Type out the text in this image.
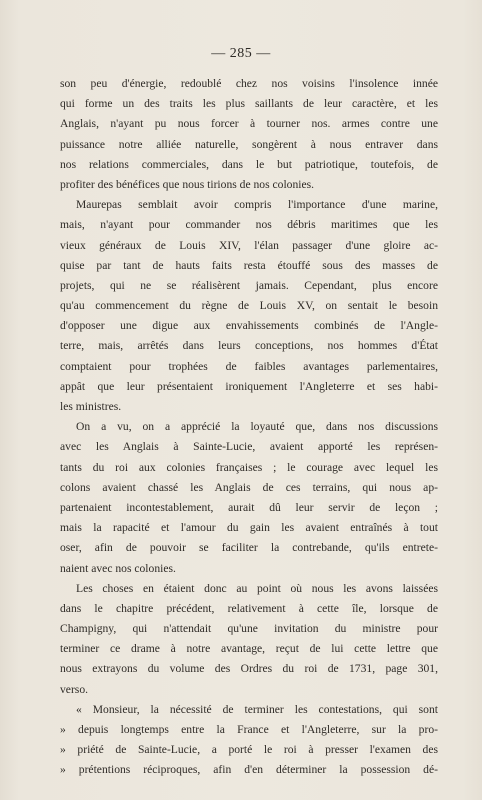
— 285 —
son peu d'énergie, redoublé chez nos voisins l'insolence innée
qui forme un des traits les plus saillants de leur caractère, et les
Anglais, n'ayant pu nous forcer à tourner nos. armes contre une
puissance notre alliée naturelle, songèrent à nous entraver dans
nos relations commerciales, dans le but patriotique, toutefois, de
profiter des bénéfices que nous tirions de nos colonies.
Maurepas semblait avoir compris l'importance d'une marine,
mais, n'ayant pour commander nos débris maritimes que les
vieux généraux de Louis XIV, l'élan passager d'une gloire ac-
quise par tant de hauts faits resta étouffé sous des masses de
projets, qui ne se réalisèrent jamais. Cependant, plus encore
qu'au commencement du règne de Louis XV, on sentait le besoin
d'opposer une digue aux envahissements combinés de l'Angle-
terre, mais, arrêtés dans leurs conceptions, nos hommes d'État
comptaient pour trophées de faibles avantages parlementaires,
appât que leur présentaient ironiquement l'Angleterre et ses habi-
les ministres.
On a vu, on a apprécié la loyauté que, dans nos discussions
avec les Anglais à Sainte-Lucie, avaient apporté les représen-
tants du roi aux colonies françaises ; le courage avec lequel les
colons avaient chassé les Anglais de ces terrains, qui nous ap-
partenaient incontestablement, aurait dû leur servir de leçon ;
mais la rapacité et l'amour du gain les avaient entraînés à tout
oser, afin de pouvoir se faciliter la contrebande, qu'ils entrete-
naient avec nos colonies.
Les choses en étaient donc au point où nous les avons laissées
dans le chapitre précédent, relativement à cette île, lorsque de
Champigny, qui n'attendait qu'une invitation du ministre pour
terminer ce drame à notre avantage, reçut de lui cette lettre que
nous extrayons du volume des Ordres du roi de 1731, page 301,
verso.
« Monsieur, la nécessité de terminer les contestations, qui sont
» depuis longtemps entre la France et l'Angleterre, sur la pro-
» priété de Sainte-Lucie, a porté le roi à presser l'examen des
» prétentions réciproques, afin d'en déterminer la possession dé-
